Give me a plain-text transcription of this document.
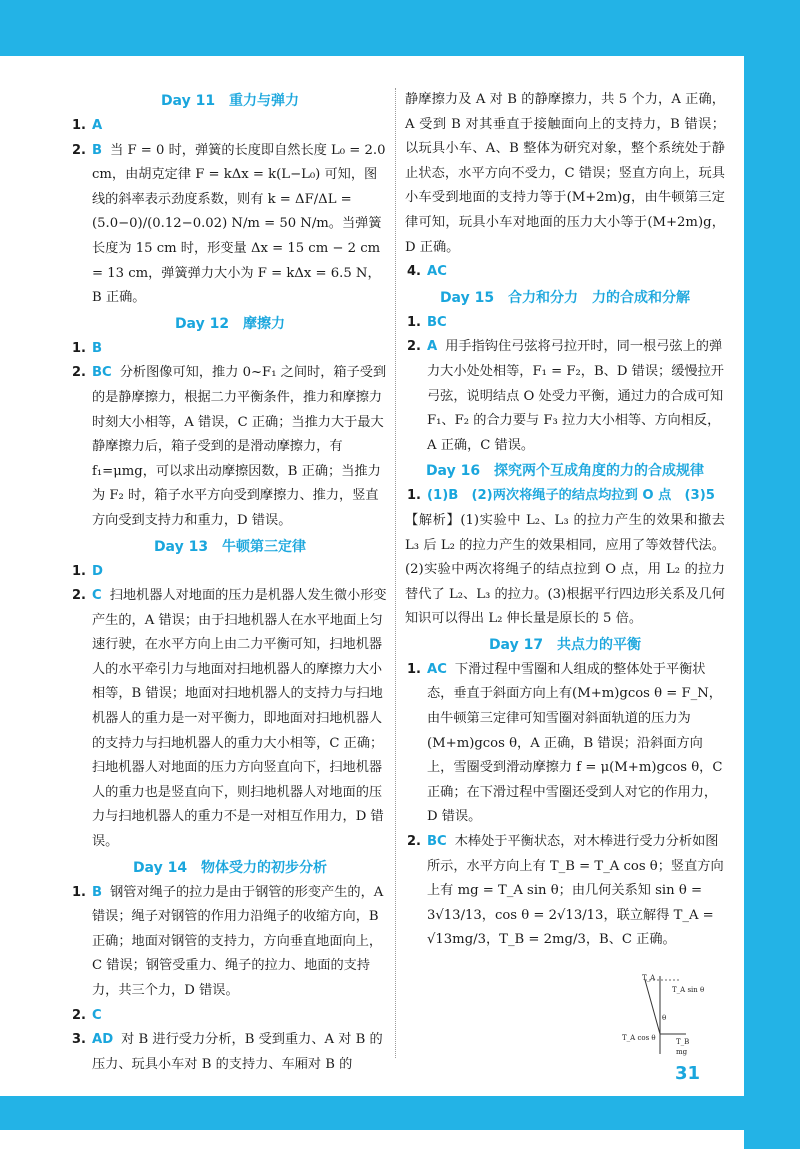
Day 11　重力与弹力
1. A
2. B 当 F = 0 时，弹簧的长度即自然长度 L₀ = 2.0 cm，由胡克定律 F = kΔx = k(L−L₀) 可知，图线的斜率表示劲度系数，则有 k = ΔF/ΔL = (5.0−0)/(0.12−0.02) N/m = 50 N/m。当弹簧长度为 15 cm 时，形变量 Δx = 15 cm − 2 cm = 13 cm，弹簧弹力大小为 F = kΔx = 6.5 N，B 正确。
Day 12　摩擦力
1. B
2. BC 分析图像可知，推力 0~F₁ 之间时，箱子受到的是静摩擦力，根据二力平衡条件，推力和摩擦力时刻大小相等，A 错误，C 正确；当推力大于最大静摩擦力后，箱子受到的是滑动摩擦力，有 f₁=μmg，可以求出动摩擦因数，B 正确；当推力为 F₂ 时，箱子水平方向受到摩擦力、推力，竖直方向受到支持力和重力，D 错误。
Day 13　牛顿第三定律
1. D
2. C 扫地机器人对地面的压力是机器人发生微小形变产生的，A 错误；由于扫地机器人在水平地面上匀速行驶，在水平方向上由二力平衡可知，扫地机器人的水平牵引力与地面对扫地机器人的摩擦力大小相等，B 错误；地面对扫地机器人的支持力与扫地机器人的重力是一对平衡力，即地面对扫地机器人的支持力与扫地机器人的重力大小相等，C 正确；扫地机器人对地面的压力方向竖直向下，扫地机器人的重力也是竖直向下，则扫地机器人对地面的压力与扫地机器人的重力不是一对相互作用力，D 错误。
Day 14　物体受力的初步分析
1. B 钢管对绳子的拉力是由于钢管的形变产生的，A 错误；绳子对钢管的作用力沿绳子的收缩方向，B 正确；地面对钢管的支持力，方向垂直地面向上，C 错误；钢管受重力、绳子的拉力、地面的支持力，共三个力，D 错误。
2. C
3. AD 对 B 进行受力分析，B 受到重力、A 对 B 的压力、玩具小车对 B 的支持力、车厢对 B 的
静摩擦力及 A 对 B 的静摩擦力，共 5 个力，A 正确，A 受到 B 对其垂直于接触面向上的支持力，B 错误；以玩具小车、A、B 整体为研究对象，整个系统处于静止状态，水平方向不受力，C 错误；竖直方向上，玩具小车受到地面的支持力等于(M+2m)g，由牛顿第三定律可知，玩具小车对地面的压力大小等于(M+2m)g，D 正确。
4. AC
Day 15　合力和分力　力的合成和分解
1. BC
2. A 用手指钩住弓弦将弓拉开时，同一根弓弦上的弹力大小处处相等，F₁ = F₂，B、D 错误；缓慢拉开弓弦，说明结点 O 处受力平衡，通过力的合成可知 F₁、F₂ 的合力要与 F₃ 拉力大小相等、方向相反，A 正确，C 错误。
Day 16　探究两个互成角度的力的合成规律
1. (1)B　(2)两次将绳子的结点均拉到 O 点　(3)5
【解析】(1)实验中 L₂、L₃ 的拉力产生的效果和撤去 L₃ 后 L₂ 的拉力产生的效果相同，应用了等效替代法。(2)实验中两次将绳子的结点拉到 O 点，用 L₂ 的拉力替代了 L₂、L₃ 的拉力。(3)根据平行四边形关系及几何知识可以得出 L₂ 伸长量是原长的 5 倍。
Day 17　共点力的平衡
1. AC 下滑过程中雪圈和人组成的整体处于平衡状态，垂直于斜面方向上有(M+m)gcos θ = F_N，由牛顿第三定律可知雪圈对斜面轨道的压力为(M+m)gcos θ，A 正确，B 错误；沿斜面方向上，雪圈受到滑动摩擦力 f = μ(M+m)gcos θ，C 正确；在下滑过程中雪圈还受到人对它的作用力，D 错误。
2. BC 木棒处于平衡状态，对木棒进行受力分析如图所示，水平方向上有 T_B = T_A cos θ；竖直方向上有 mg = T_A sin θ；由几何关系知 sin θ = 3√13/13，cos θ = 2√13/13，联立解得 T_A = √13mg/3，T_B = 2mg/3，B、C 正确。
T_A
T_A sin θ
θ
T_A cos θ	T_B
mg
31
